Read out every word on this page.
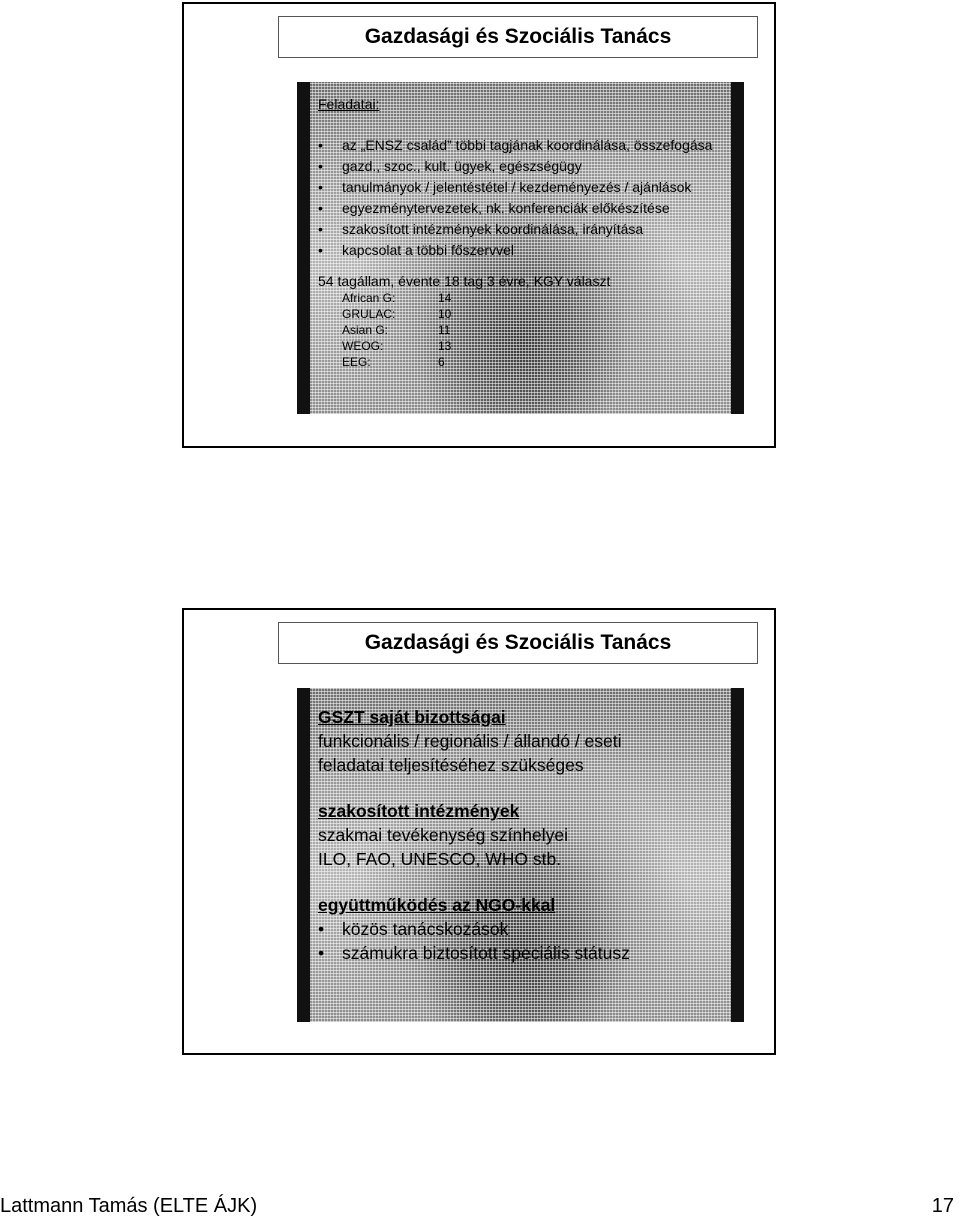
Gazdasági és Szociális Tanács
Feladatai:
• az „ENSZ család” többi tagjának koordinálása, összefogása
• gazd., szoc., kult. ügyek, egészségügy
• tanulmányok / jelentéstétel / kezdeményezés / ajánlások
• egyezménytervezetek, nk. konferenciák előkészítése
• szakosított intézmények koordinálása, irányítása
• kapcsolat a többi főszervvel
54 tagállam, évente 18 tag 3 évre, KGY választ
African G:	14
GRULAC:	10
Asian G:	11
WEOG:	13
EEG:	6
Gazdasági és Szociális Tanács
GSZT saját bizottságai
funkcionális / regionális / állandó / eseti
feladatai teljesítéséhez szükséges
szakosított intézmények
szakmai tevékenység színhelyei
ILO, FAO, UNESCO, WHO stb.
együttműködés az NGO-kkal
• közös tanácskozások
• számukra biztosított speciális státusz
Lattmann Tamás (ELTE ÁJK)	17
